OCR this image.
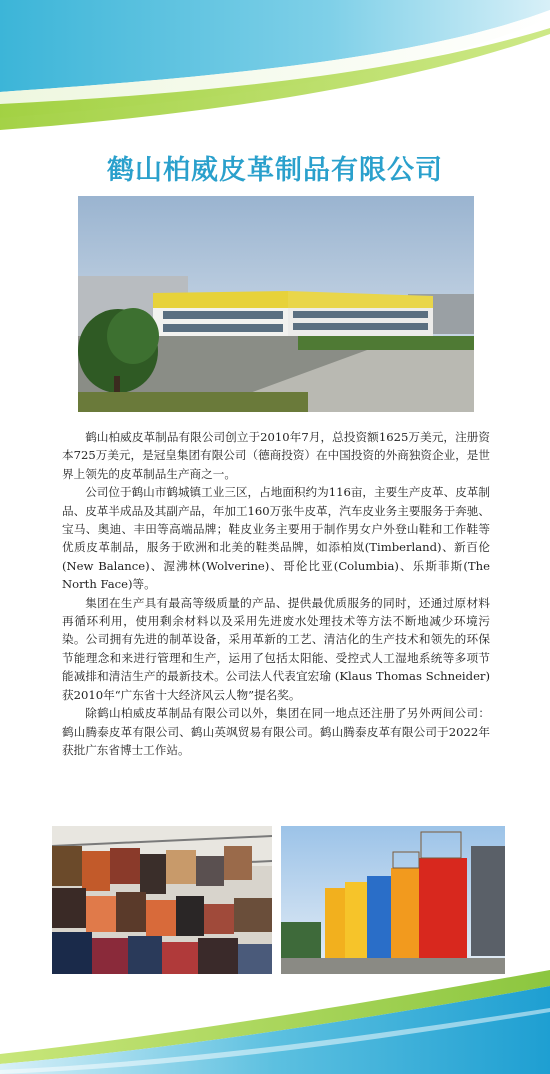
鹤山柏威皮革制品有限公司

鹤山柏威皮革制品有限公司创立于2010年7月，总投资额1625万美元，注册资本725万美元，是冠皇集团有限公司（德商投资）在中国投资的外商独资企业，是世界上领先的皮革制品生产商之一。

公司位于鹤山市鹤城镇工业三区，占地面积约为116亩，主要生产皮革、皮革制品、皮革半成品及其副产品，年加工160万张牛皮革，汽车皮业务主要服务于奔驰、宝马、奥迪、丰田等高端品牌；鞋皮业务主要用于制作男女户外登山鞋和工作鞋等优质皮革制品，服务于欧洲和北美的鞋类品牌，如添柏岚(Timberland)、新百伦(New Balance)、渥沸林(Wolverine)、哥伦比亚(Columbia)、乐斯菲斯(The North Face)等。

集团在生产具有最高等级质量的产品、提供最优质服务的同时，还通过原材料再循环利用，使用剩余材料以及采用先进废水处理技术等方法不断地减少环境污染。公司拥有先进的制革设备，采用革新的工艺、清洁化的生产技术和领先的环保节能理念和来进行管理和生产，运用了包括太阳能、受控式人工湿地系统等多项节能减排和清洁生产的最新技术。公司法人代表宜宏瑜 (Klaus Thomas Schneider) 获2010年“广东省十大经济风云人物”提名奖。

除鹤山柏威皮革制品有限公司以外，集团在同一地点还注册了另外两间公司：鹤山腾泰皮革有限公司、鹤山英飒贸易有限公司。鹤山腾泰皮革有限公司于2022年获批广东省博士工作站。
